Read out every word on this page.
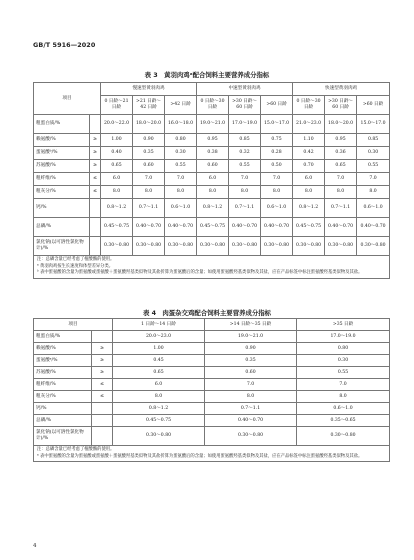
GB/T 5916—2020
表 3　黄羽肉鸡ᵃ配合饲料主要营养成分指标
项目		慢速型黄羽肉鸡			中速型黄羽肉鸡			快速型黄羽肉鸡		
		0 日龄～21 日龄	>21 日龄～42 日龄	>42 日龄	0 日龄～30 日龄	>30 日龄～60 日龄	>60 日龄	0 日龄～30 日龄	>30 日龄～60 日龄	>60 日龄
粗蛋白质/%		20.0～22.0	18.0～20.0	16.0～18.0	19.0～21.0	17.0～19.0	15.0～17.0	21.0～23.0	18.0～20.0	15.0～17.0
赖氨酸/%	≥	1.00	0.90	0.80	0.95	0.85	0.75	1.10	0.95	0.85
蛋氨酸ᵇ/%	≥	0.40	0.35	0.30	0.38	0.32	0.28	0.42	0.36	0.30
苏氨酸/%	≥	0.65	0.60	0.55	0.60	0.55	0.50	0.70	0.65	0.55
粗纤维/%	≤	6.0	7.0	7.0	6.0	7.0	7.0	6.0	7.0	7.0
粗灰分/%	≤	8.0	8.0	8.0	8.0	8.0	8.0	8.0	8.0	8.0
钙/%		0.8～1.2	0.7～1.1	0.6～1.0	0.8～1.2	0.7～1.1	0.6～1.0	0.8～1.2	0.7～1.1	0.6～1.0
总磷/%		0.45～0.75	0.40～0.70	0.40～0.70	0.45～0.75	0.40～0.70	0.40～0.70	0.45～0.75	0.40～0.70	0.40～0.70
氯化钠(以可溶性氯化物计)/%		0.30～0.80	0.30～0.80	0.30～0.80	0.30～0.80	0.30～0.80	0.30～0.80	0.30～0.80	0.30～0.80	0.30～0.80

注：总磷含量已经考虑了植酸酶的使用。

ᵃ 黄羽肉鸡按生长速度和体型差异分类。

ᵇ 表中蛋氨酸的含量为蛋氨酸或蛋氨酸＋蛋氨酸羟基类似物及其盐折算为蛋氨酸后的含量；如使用蛋氨酸羟基类似物及其盐，应在产品标签中标注蛋氨酸羟基类似物及其盐。										

表 4　肉蛋杂交鸡配合饲料主要营养成分指标
项目		1 日龄～14 日龄	>14 日龄～35 日龄	>35 日龄
粗蛋白质/%		20.0～23.0	19.0～21.0	17.0～19.0
赖氨酸/%	≥	1.00	0.90	0.80
蛋氨酸ᵃ/%	≥	0.45	0.35	0.30
苏氨酸/%	≥	0.65	0.60	0.55
粗纤维/%	≤	6.0	7.0	7.0
粗灰分/%	≤	8.0	8.0	8.0
钙/%		0.8～1.2	0.7～1.1	0.6～1.0
总磷/%		0.45～0.75	0.40～0.70	0.35～0.65
氯化钠(以可溶性氯化物计)/%		0.30～0.80	0.30～0.80	0.30～0.80

注：总磷含量已经考虑了植酸酶的使用。

ᵃ 表中蛋氨酸的含量为蛋氨酸或蛋氨酸＋蛋氨酸羟基类似物及其盐折算为蛋氨酸后的含量；如使用蛋氨酸羟基类似物及其盐，应在产品标签中标注蛋氨酸羟基类似物及其盐。				

4
